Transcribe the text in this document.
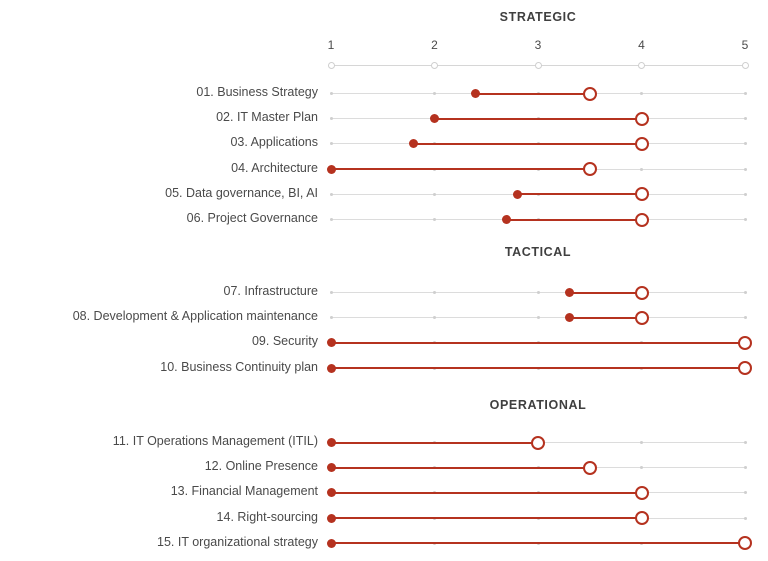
1	2	3	4	5
STRATEGIC
01. Business Strategy
02. IT Master Plan
03. Applications
04. Architecture
05. Data governance, BI, AI
06. Project Governance
TACTICAL
07. Infrastructure
08. Development & Application maintenance
09. Security
10. Business Continuity plan
OPERATIONAL
11. IT Operations Management (ITIL)
12. Online Presence
13. Financial Management
14. Right-sourcing
15. IT organizational strategy
